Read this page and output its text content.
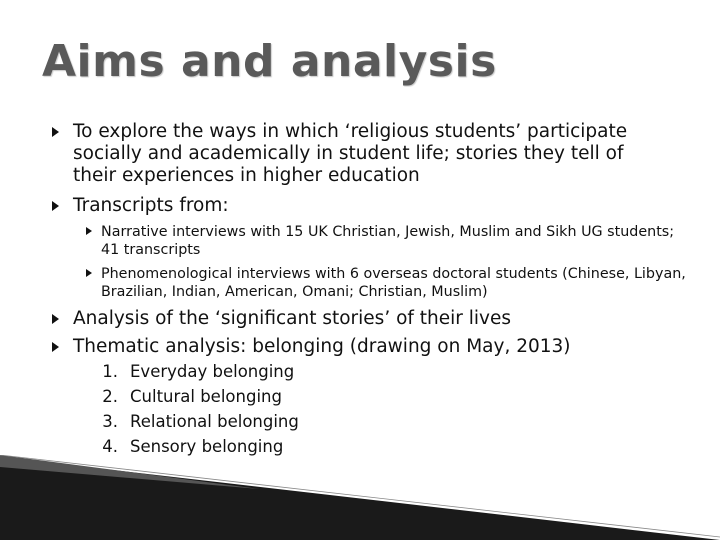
Aims and analysis
To explore the ways in which ‘religious students’ participate socially and academically in student life; stories they tell of their experiences in higher education
Transcripts from:
Narrative interviews with 15 UK Christian, Jewish, Muslim and Sikh UG students; 41 transcripts
Phenomenological interviews with 6 overseas doctoral students (Chinese, Libyan, Brazilian, Indian, American, Omani; Christian, Muslim)
Analysis of the ‘significant stories’ of their lives
Thematic analysis: belonging (drawing on May, 2013)
1. Everyday belonging
2. Cultural belonging
3. Relational belonging
4. Sensory belonging
